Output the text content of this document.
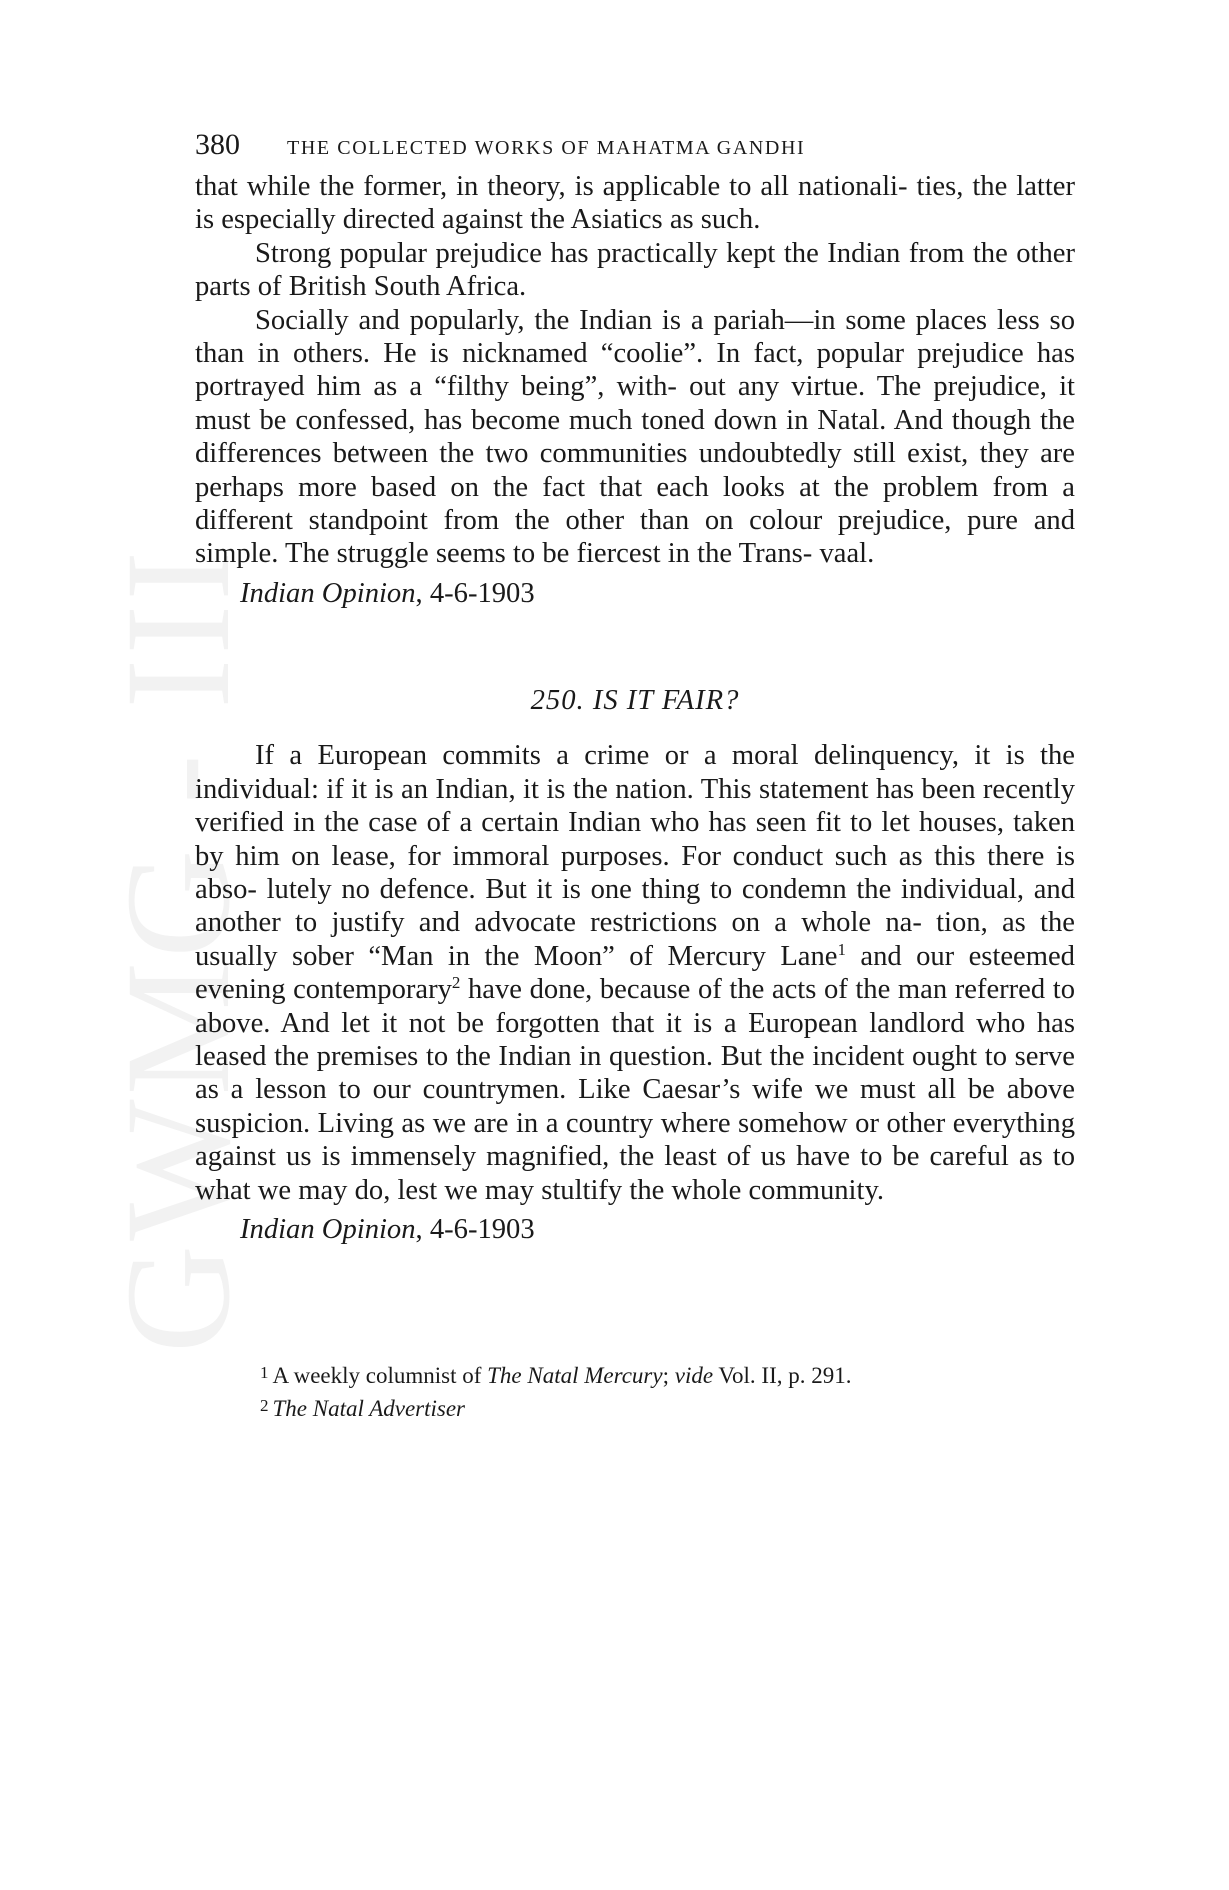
GWMG - III
380	THE COLLECTED WORKS OF MAHATMA GANDHI

that while the former, in theory, is applicable to all nationali- ties, the latter is especially directed against the Asiatics as such.

Strong popular prejudice has practically kept the Indian from the other parts of British South Africa.

Socially and popularly, the Indian is a pariah—in some places less so than in others. He is nicknamed “coolie”. In fact, popular prejudice has portrayed him as a “filthy being”, with- out any virtue. The prejudice, it must be confessed, has become much toned down in Natal. And though the differences between the two communities undoubtedly still exist, they are perhaps more based on the fact that each looks at the problem from a different standpoint from the other than on colour prejudice, pure and simple. The struggle seems to be fiercest in the Trans- vaal.

Indian Opinion, 4-6-1903
250. IS IT FAIR?

If a European commits a crime or a moral delinquency, it is the individual: if it is an Indian, it is the nation. This statement has been recently verified in the case of a certain Indian who has seen fit to let houses, taken by him on lease, for immoral purposes. For conduct such as this there is abso- lutely no defence. But it is one thing to condemn the individual, and another to justify and advocate restrictions on a whole na- tion, as the usually sober “Man in the Moon” of Mercury Lane$^1$ and our esteemed evening contemporary$^2$ have done, because of the acts of the man referred to above. And let it not be forgotten that it is a European landlord who has leased the premises to the Indian in question. But the incident ought to serve as a lesson to our countrymen. Like Caesar’s wife we must all be above suspicion. Living as we are in a country where somehow or other everything against us is immensely magnified, the least of us have to be careful as to what we may do, lest we may stultify the whole community.

Indian Opinion, 4-6-1903
$^1$ A weekly columnist of The Natal Mercury; vide Vol. II, p. 291.
$^2$ The Natal Advertiser
